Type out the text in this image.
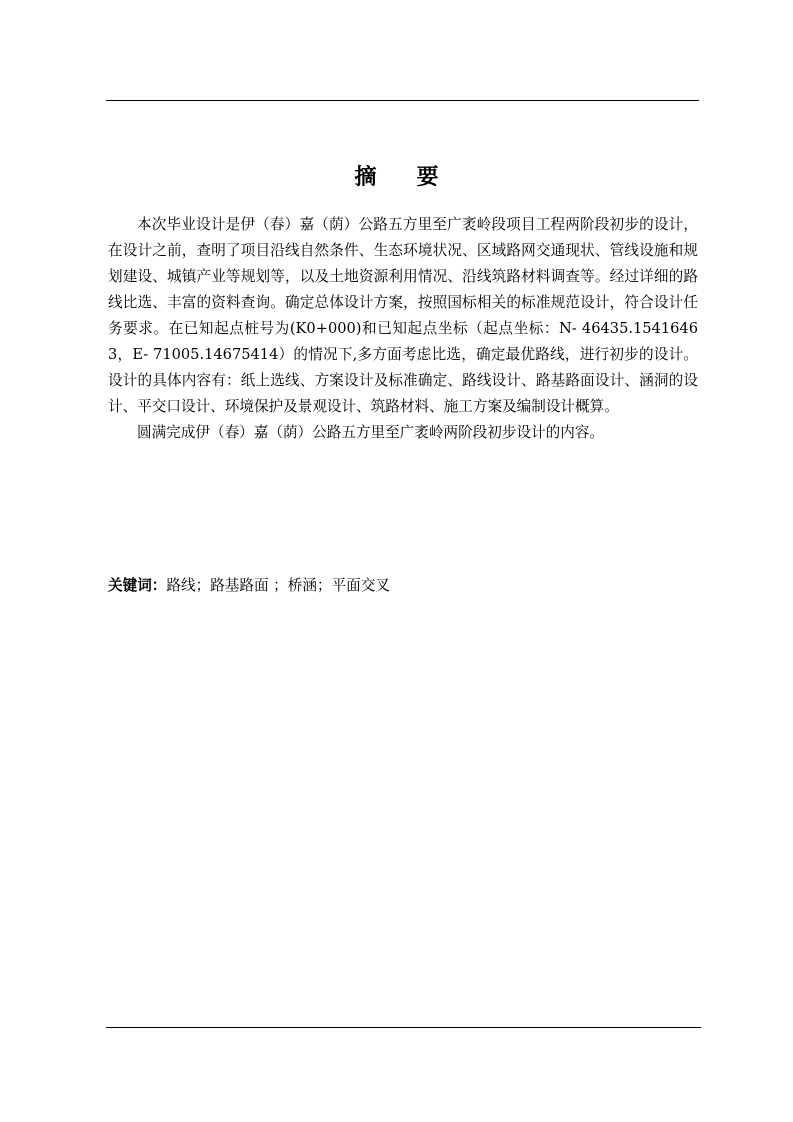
摘要

本次毕业设计是伊（春）嘉（荫）公路五方里至广袤岭段项目工程两阶段初步的设计，在设计之前，查明了项目沿线自然条件、生态环境状况、区域路网交通现状、管线设施和规划建设、城镇产业等规划等，以及土地资源利用情况、沿线筑路材料调查等。经过详细的路线比选、丰富的资料查询。确定总体设计方案，按照国标相关的标准规范设计，符合设计任务要求。在已知起点桩号为(K0+000)和已知起点坐标（起点坐标：N- 46435.15416463，E- 71005.14675414）的情况下,多方面考虑比选，确定最优路线，进行初步的设计。设计的具体内容有：纸上选线、方案设计及标准确定、路线设计、路基路面设计、涵洞的设计、平交口设计、环境保护及景观设计、筑路材料、施工方案及编制设计概算。

圆满完成伊（春）嘉（荫）公路五方里至广袤岭两阶段初步设计的内容。

关键词：路线；路基路面 ；桥涵；平面交叉
